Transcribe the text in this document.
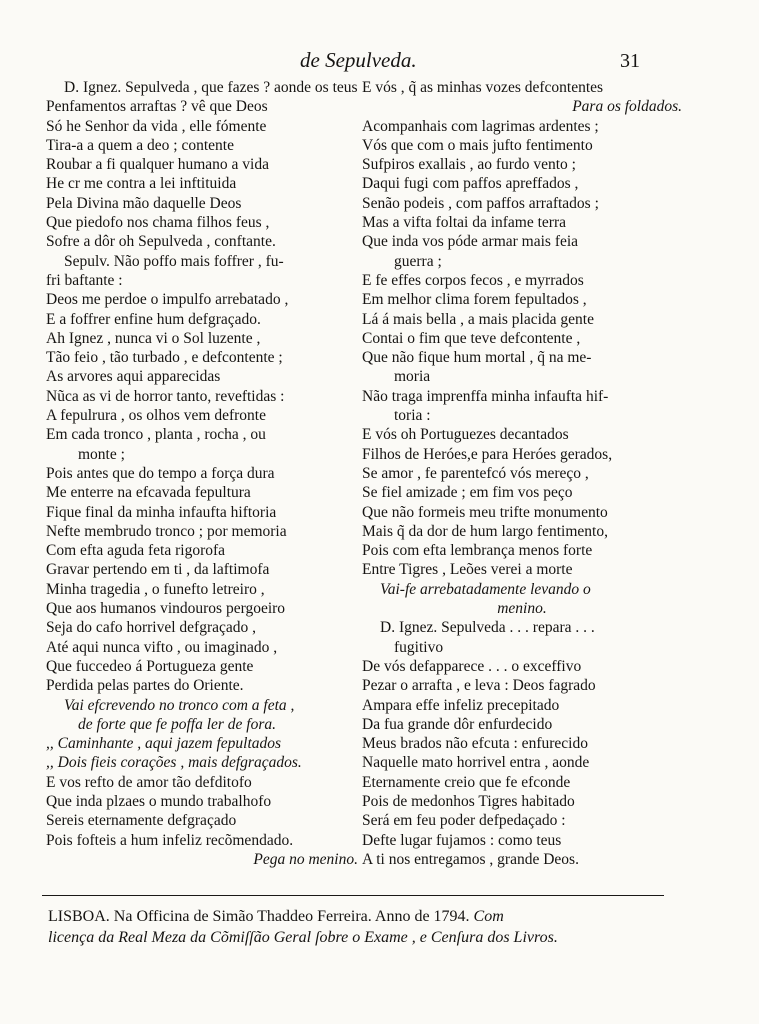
de Sepulveda.	31
D. Ignez. Sepulveda , que fazes ? aonde os teus
Penfamentos arraftas ? vê que Deos
Só he Senhor da vida , elle fómente
Tira-a a quem a deo ; contente
Roubar a fi qualquer humano a vida
He cr me contra a lei inftituida
Pela Divina mão daquelle Deos
Que piedofo nos chama filhos feus ,
Sofre a dôr oh Sepulveda , conftante.
Sepulv. Não poffo mais foffrer , fu-
fri baftante :
Deos me perdoe o impulfo arrebatado ,
E a foffrer enfine hum defgraçado.
Ah Ignez , nunca vi o Sol luzente ,
Tão feio , tão turbado , e defcontente ;
As arvores aqui apparecidas
Nũca as vi de horror tanto, reveftidas :
A fepulrura , os olhos vem defronte
Em cada tronco , planta , rocha , ou
monte ;
Pois antes que do tempo a força dura
Me enterre na efcavada fepultura
Fique final da minha infaufta hiftoria
Nefte membrudo tronco ; por memoria
Com efta aguda feta rigorofa
Gravar pertendo em ti , da laftimofa
Minha tragedia , o funefto letreiro ,
Que aos humanos vindouros pergoeiro
Seja do cafo horrivel defgraçado ,
Até aqui nunca vifto , ou imaginado ,
Que fuccedeo á Portugueza gente
Perdida pelas partes do Oriente.
Vai efcrevendo no tronco com a feta ,
de forte que fe poffa ler de fora.
,, Caminhante , aqui jazem fepultados
,, Dois fieis corações , mais defgraçados.
E vos refto de amor tão defditofo
Que inda plzaes o mundo trabalhofo
Sereis eternamente defgraçado
Pois fofteis a hum infeliz recõmendado.
Pega no menino.
E vós , q̃ as minhas vozes defcontentes
Para os foldados.
Acompanhais com lagrimas ardentes ;
Vós que com o mais jufto fentimento
Sufpiros exallais , ao furdo vento ;
Daqui fugi com paffos apreffados ,
Senão podeis , com paffos arraftados ;
Mas a vifta foltai da infame terra
Que inda vos póde armar mais feia
guerra ;
E fe effes corpos fecos , e myrrados
Em melhor clima forem fepultados ,
Lá á mais bella , a mais placida gente
Contai o fim que teve defcontente ,
Que não fique hum mortal , q̃ na me-
moria
Não traga imprenffa minha infaufta hif-
toria :
E vós oh Portuguezes decantados
Filhos de Heróes,e para Heróes gerados,
Se amor , fe parentefcó vós mereço ,
Se fiel amizade ; em fim vos peço
Que não formeis meu trifte monumento
Mais q̃ da dor de hum largo fentimento,
Pois com efta lembrança menos forte
Entre Tigres , Leões verei a morte
Vai-fe arrebatadamente levando o
menino.
D. Ignez. Sepulveda . . . repara . . .
fugitivo
De vós defapparece . . . o exceffivo
Pezar o arrafta , e leva : Deos fagrado
Ampara effe infeliz precepitado
Da fua grande dôr enfurdecido
Meus brados não efcuta : enfurecido
Naquelle mato horrivel entra , aonde
Eternamente creio que fe efconde
Pois de medonhos Tigres habitado
Será em feu poder defpedaçado :
Defte lugar fujamos : como teus
A ti nos entregamos , grande Deos.
LISBOA. Na Officina de Simão Thaddeo Ferreira. Anno de 1794. Com
licença da Real Meza da Cõmiſſão Geral ſobre o Exame , e Cenſura dos Livros.
